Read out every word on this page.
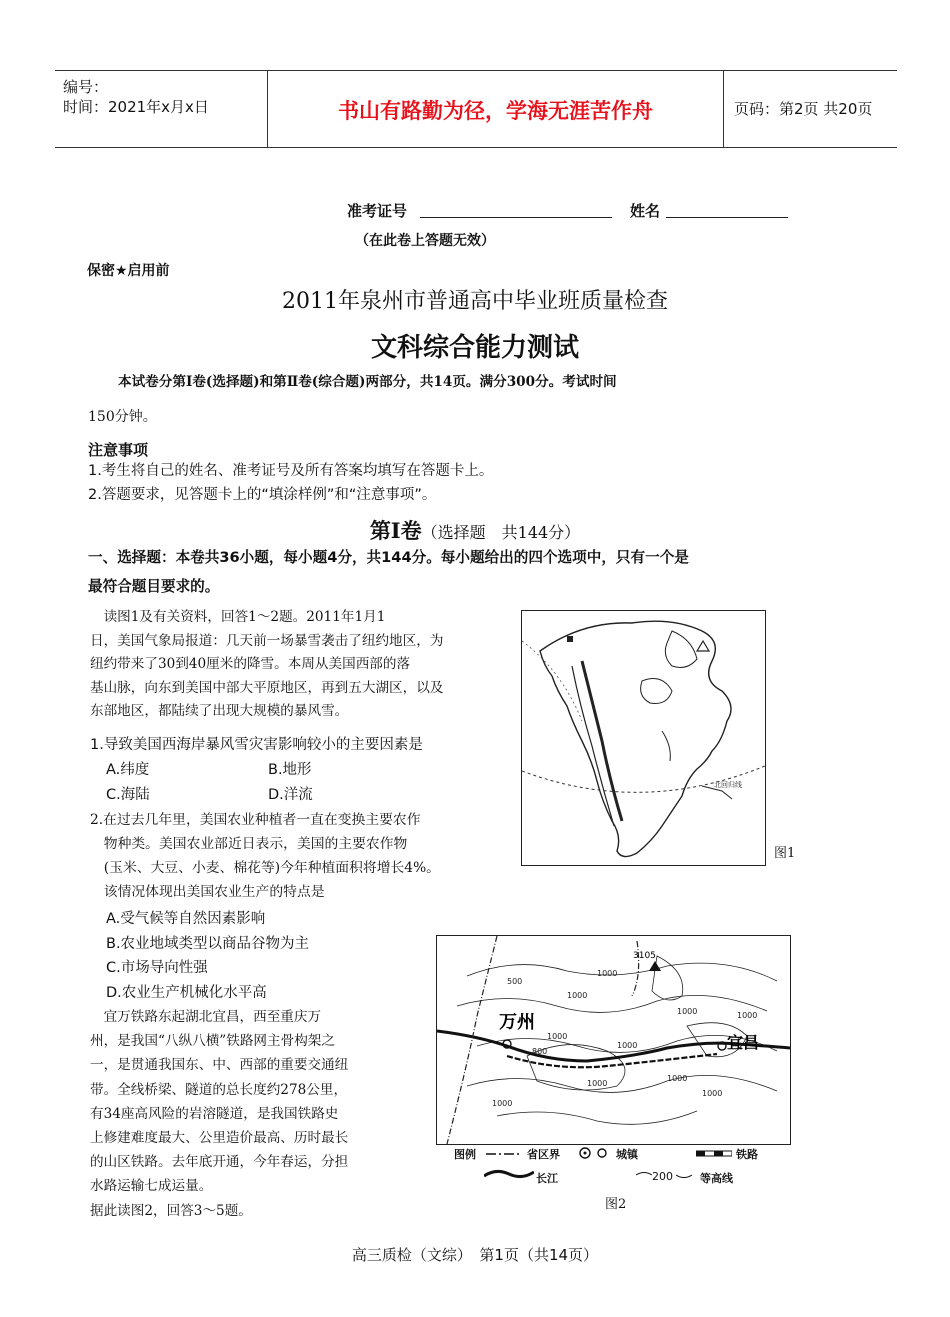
编号：
时间：2021年x月x日	书山有路勤为径，学海无涯苦作舟	页码：第2页 共20页
准考证号	姓名
（在此卷上答题无效）
保密★启用前
2011年泉州市普通高中毕业班质量检查
文科综合能力测试
本试卷分第Ⅰ卷(选择题)和第Ⅱ卷(综合题)两部分，共14页。满分300分。考试时间
150分钟。
注意事项
1.考生将自己的姓名、准考证号及所有答案均填写在答题卡上。
2.答题要求，见答题卡上的“填涂样例”和“注意事项”。
第Ⅰ卷（选择题　共144分）
一、选择题：本卷共36小题，每小题4分，共144分。每小题给出的四个选项中，只有一个是
最符合题目要求的。
　读图1及有关资料，回答1～2题。2011年1月1
日，美国气象局报道：几天前一场暴雪袭击了纽约地区，为
纽约带来了30到40厘米的降雪。本周从美国西部的落
基山脉，向东到美国中部大平原地区，再到五大湖区，以及
东部地区，都陆续了出现大规模的暴风雪。
1.导致美国西海岸暴风雪灾害影响较小的主要因素是
A.纬度	B.地形
C.海陆	D.洋流
2.在过去几年里，美国农业种植者一直在变换主要农作
　物种类。美国农业部近日表示，美国的主要农作物
　(玉米、大豆、小麦、棉花等)今年种植面积将增长4%。
　该情况体现出美国农业生产的特点是
A.受气候等自然因素影响
B.农业地域类型以商品谷物为主
C.市场导向性强
D.农业生产机械化水平高
　宜万铁路东起湖北宜昌，西至重庆万
州，是我国“八纵八横”铁路网主骨构架之
一，是贯通我国东、中、西部的重要交通纽
带。全线桥梁、隧道的总长度约278公里，
有34座高风险的岩溶隧道，是我国铁路史
上修建难度最大、公里造价最高、历时最长
的山区铁路。去年底开通，今年春运，分担
水路运输七成运量。
据此读图2，回答3～5题。
北回归线
图1
3105
万州
宜昌
500
1000
1000
1000
1000
1000
800
1000
1000
1000
1000
1000
图例	省区界	城镇	铁路
长江	200 等高线
图2
高三质检（文综）　第1页（共14页）
